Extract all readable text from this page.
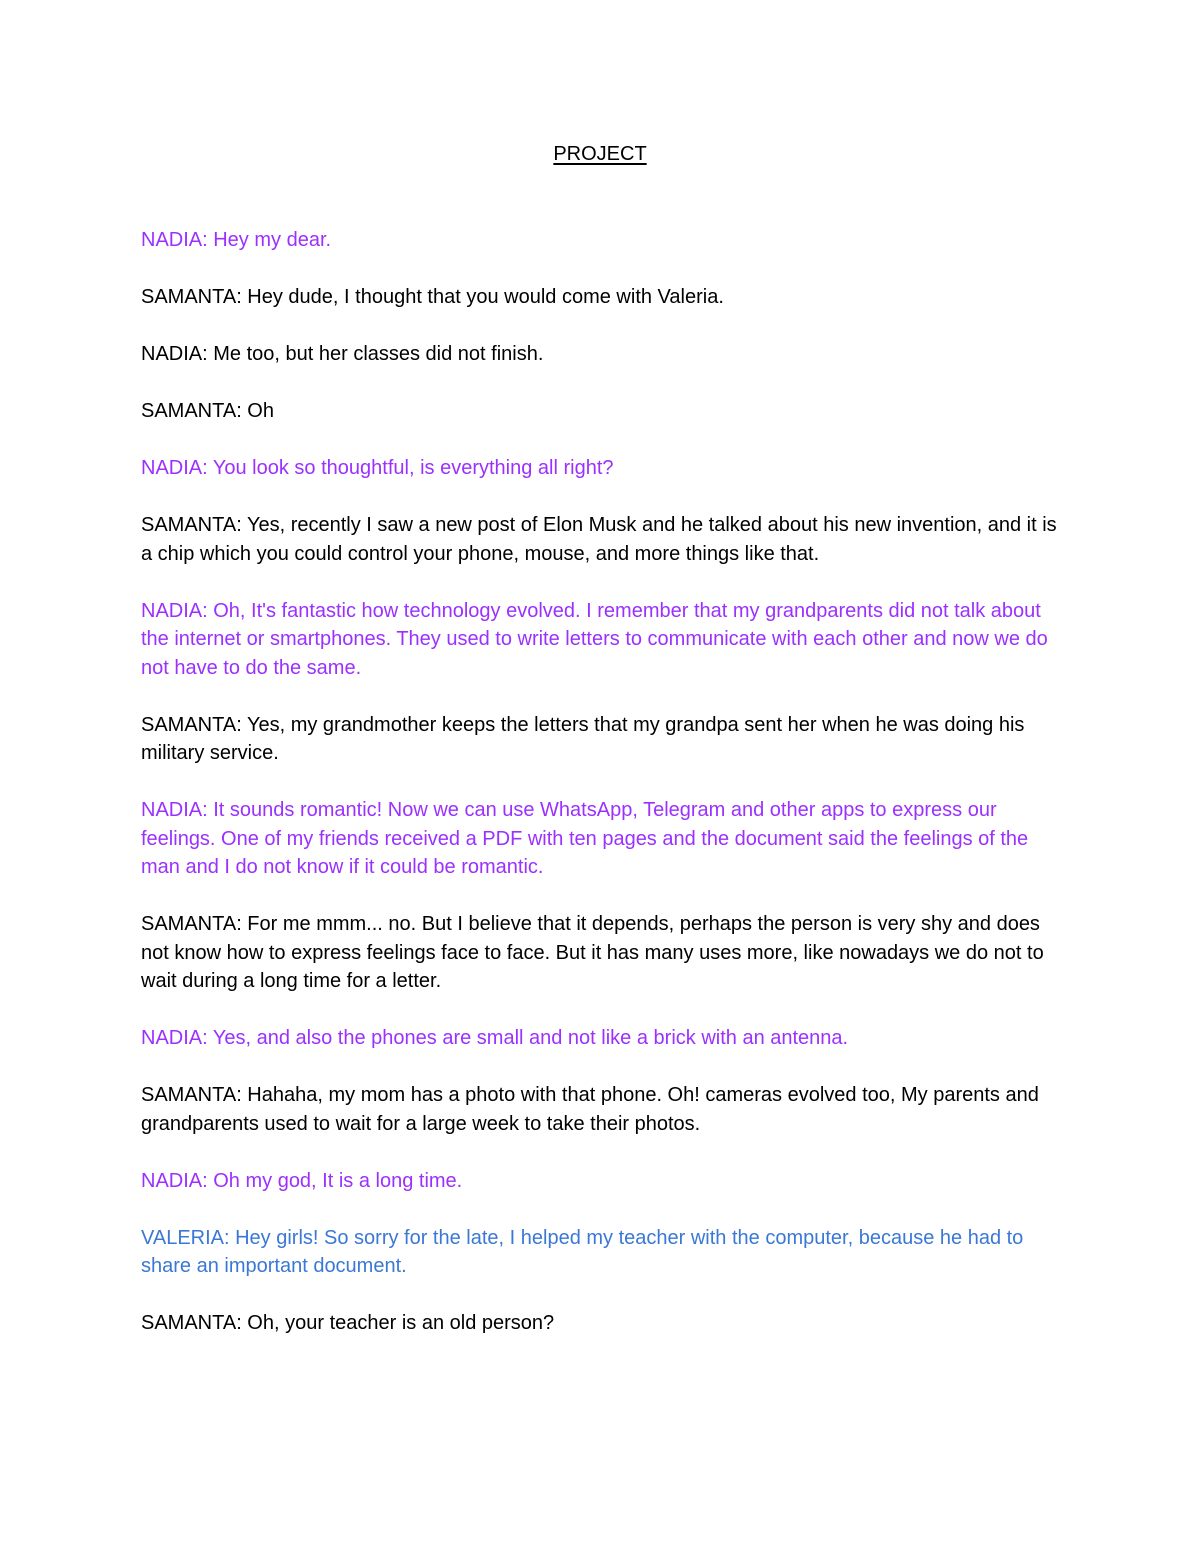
PROJECT

NADIA: Hey my dear.

SAMANTA: Hey dude, I thought that you would come with Valeria.

NADIA: Me too, but her classes did not finish.

SAMANTA: Oh

NADIA: You look so thoughtful, is everything all right?

SAMANTA: Yes, recently I saw a new post of Elon Musk and he talked about his new invention, and it is a chip which you could control your phone, mouse, and more things like that.

NADIA: Oh, It's fantastic how technology evolved. I remember that my grandparents did not talk about the internet or smartphones. They used to write letters to communicate with each other and now we do not have to do the same.

SAMANTA: Yes, my grandmother keeps the letters that my grandpa sent her when he was doing his military service.

NADIA: It sounds romantic! Now we can use WhatsApp, Telegram and other apps to express our feelings. One of my friends received a PDF with ten pages and the document said the feelings of the man and I do not know if it could be romantic.

SAMANTA: For me mmm... no. But I believe that it depends, perhaps the person is very shy and does not know how to express feelings face to face. But it has many uses more, like nowadays we do not to wait during a long time for a letter.

NADIA: Yes, and also the phones are small and not like a brick with an antenna.

SAMANTA: Hahaha, my mom has a photo with that phone. Oh! cameras evolved too, My parents and grandparents used to wait for a large week to take their photos.

NADIA: Oh my god, It is a long time.

VALERIA: Hey girls! So sorry for the late, I helped my teacher with the computer, because he had to share an important document.

SAMANTA: Oh, your teacher is an old person?
